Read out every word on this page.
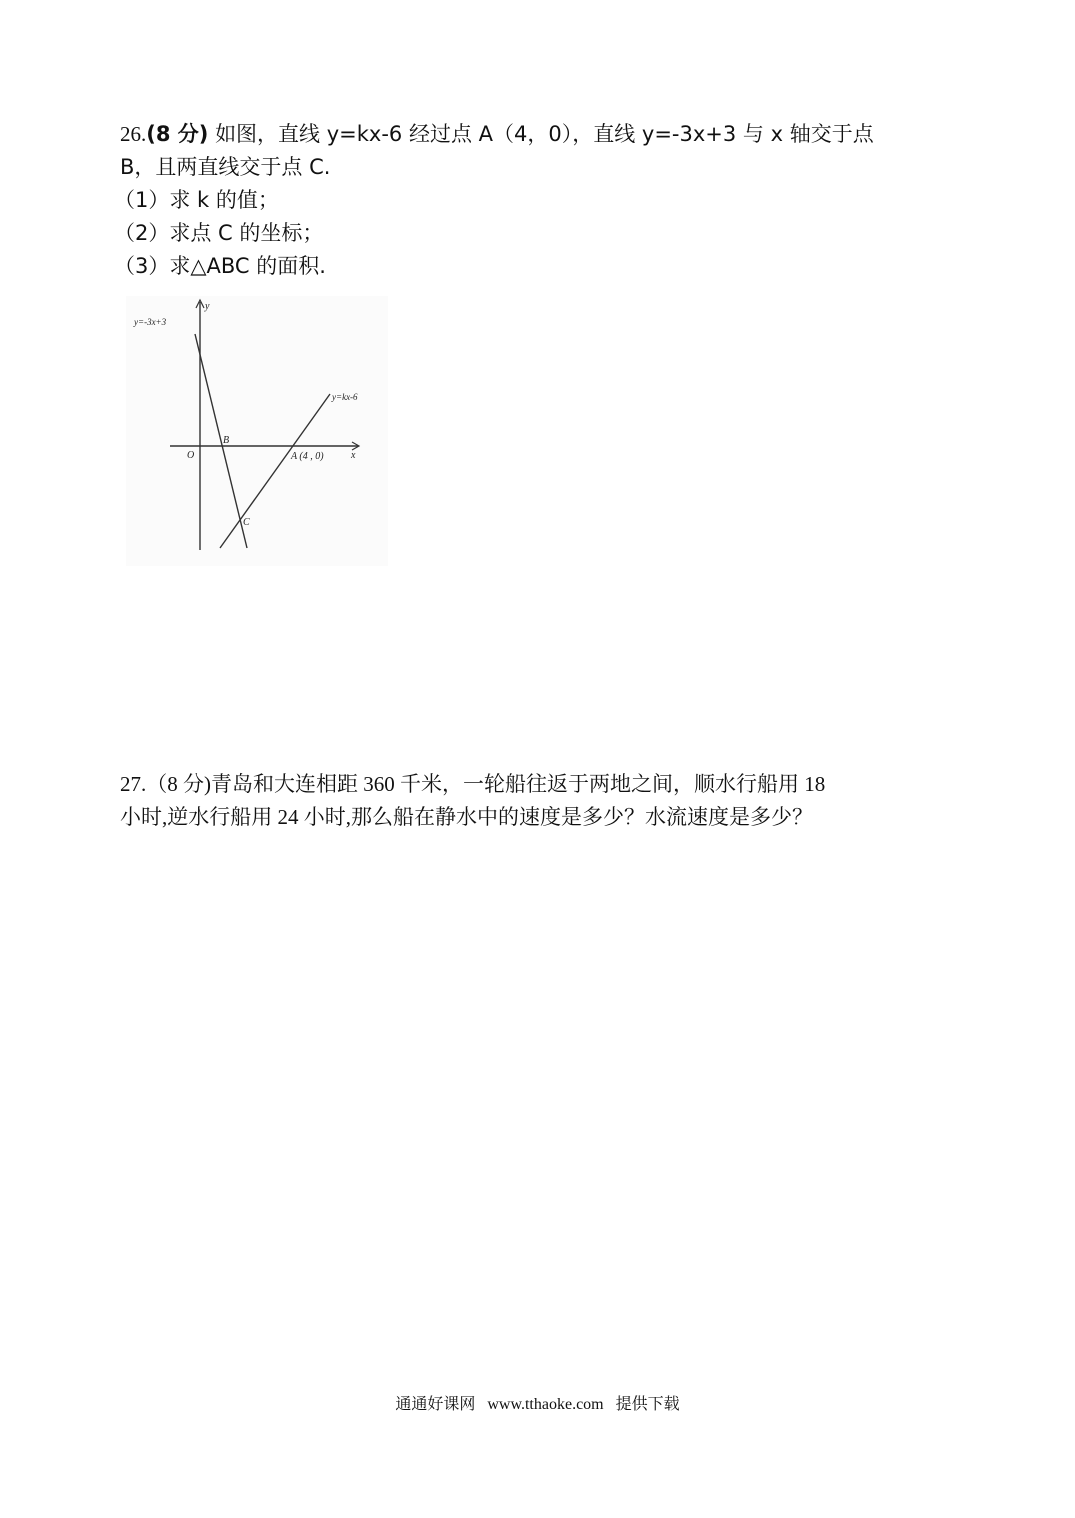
26.(8 分) 如图，直线 y=kx-6 经过点 A（4，0），直线 y=-3x+3 与 x 轴交于点
B，且两直线交于点 C.
（1）求 k 的值；
（2）求点 C 的坐标；
（3）求△ABC 的面积.
y=-3x+3
y=kx-6
y
x
O
B
A (4 , 0)
C
27.（8 分)青岛和大连相距 360 千米，一轮船往返于两地之间，顺水行船用 18
小时,逆水行船用 24 小时,那么船在静水中的速度是多少？水流速度是多少？
通通好课网 www.tthaoke.com 提供下载
